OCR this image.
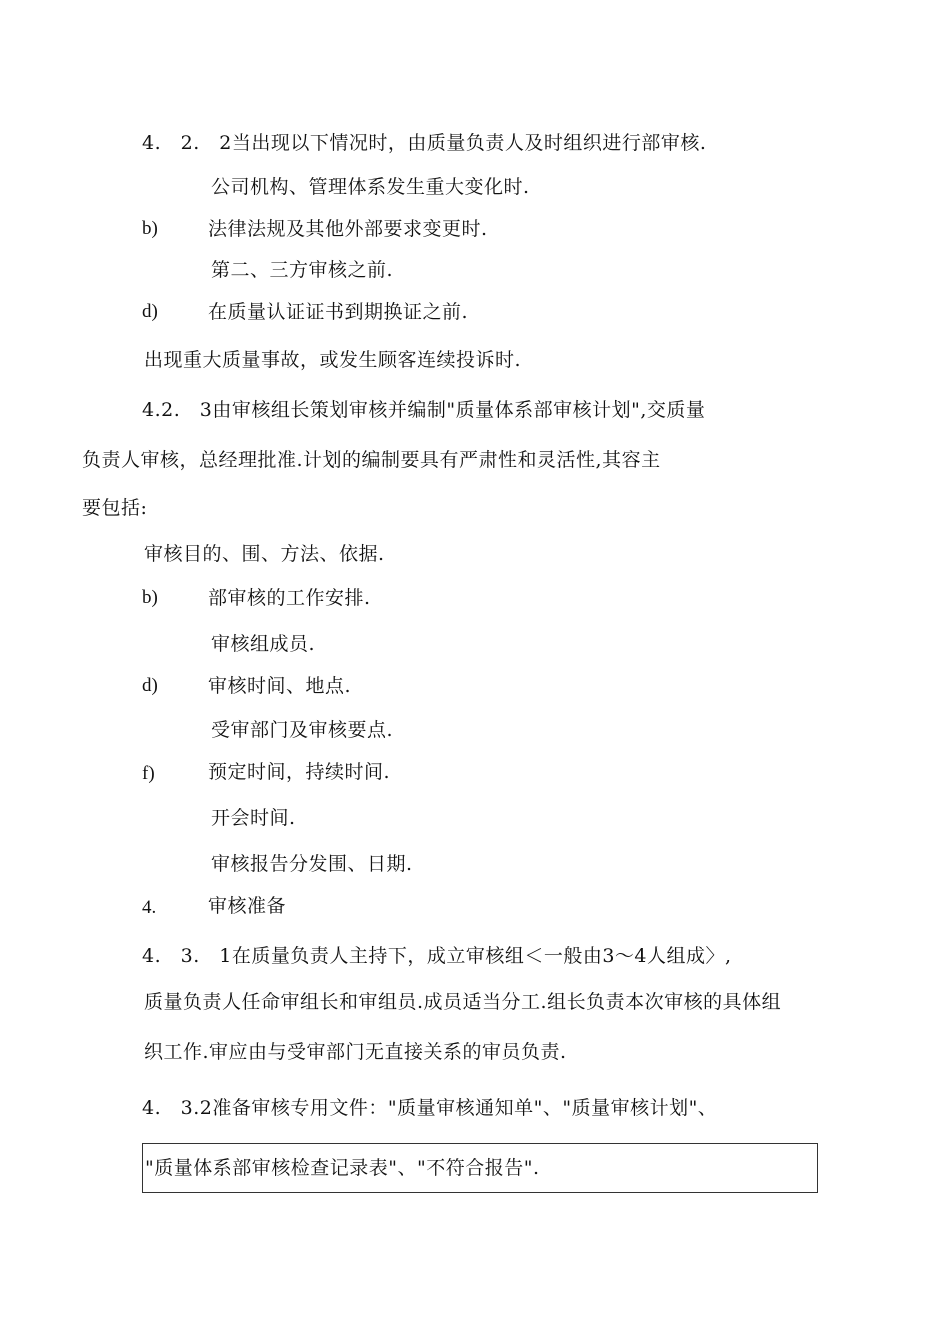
4.　2.　2当出现以下情况时，由质量负责人及时组织进行部审核.
公司机构、管理体系发生重大变化时.
b)	法律法规及其他外部要求变更时.
第二、三方审核之前.
d)	在质量认证证书到期换证之前.
出现重大质量事故，或发生顾客连续投诉时.
4.2.　3由审核组长策划审核并编制"质量体系部审核计划",交质量
负责人审核，总经理批准.计划的编制要具有严肃性和灵活性,其容主
要包括:
审核目的、围、方法、依据.
b)	部审核的工作安排.
审核组成员.
d)	审核时间、地点.
受审部门及审核要点.
f)	预定时间，持续时间.
开会时间.
审核报告分发围、日期.
4.	审核准备
4.　3.　1在质量负责人主持下，成立审核组＜一般由3〜4人组成〉,
质量负责人任命审组长和审组员.成员适当分工.组长负责本次审核的具体组
织工作.审应由与受审部门无直接关系的审员负责.
4.　3.2准备审核专用文件："质量审核通知单"、"质量审核计划"、
"质量体系部审核检查记录表"、"不符合报告".
